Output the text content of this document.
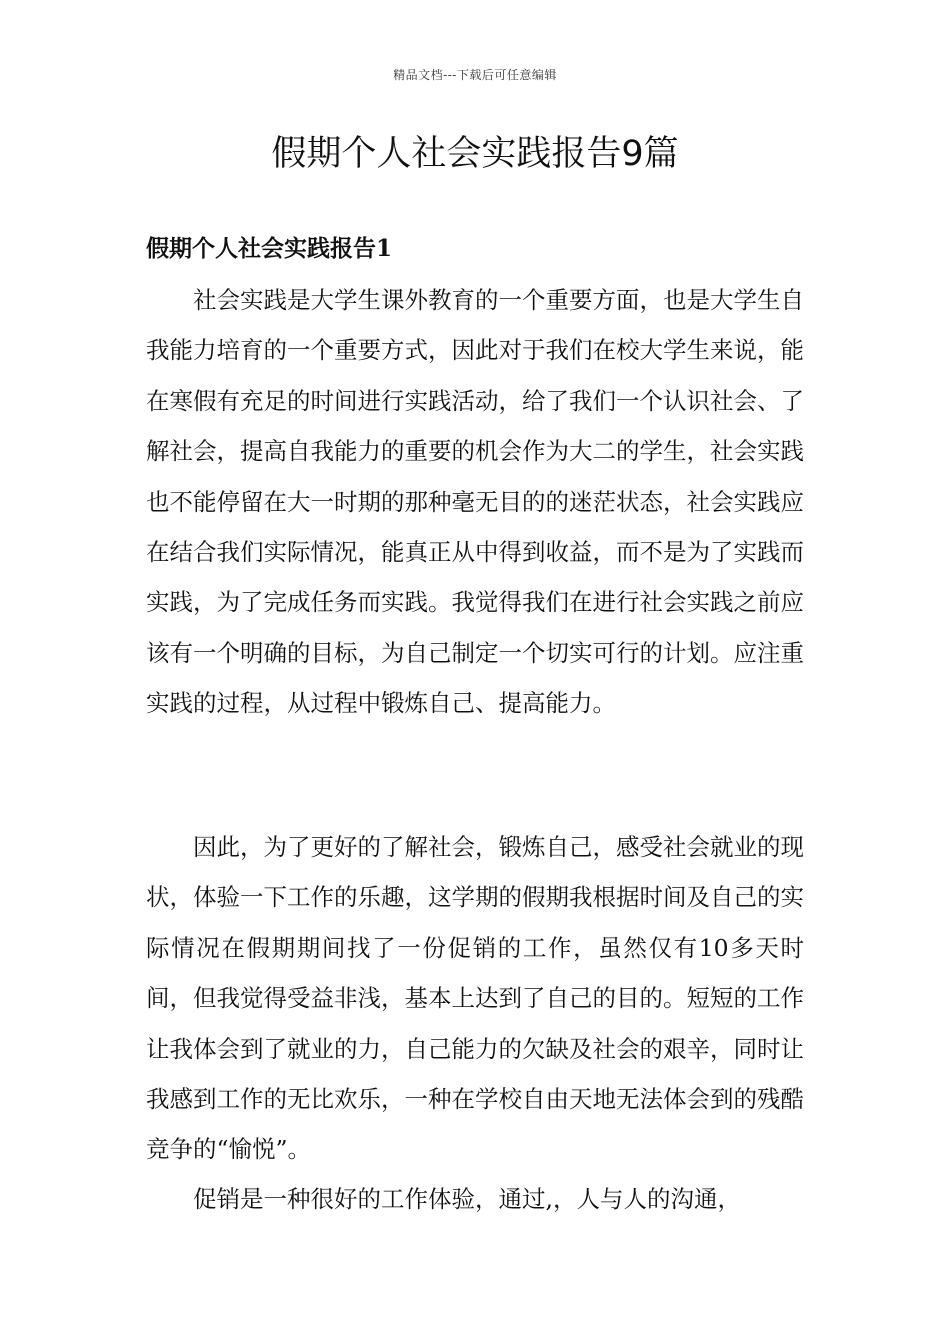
精品文档---下载后可任意编辑
假期个人社会实践报告9篇
假期个人社会实践报告1

社会实践是大学生课外教育的一个重要方面，也是大学生自我能力培育的一个重要方式，因此对于我们在校大学生来说，能在寒假有充足的时间进行实践活动，给了我们一个认识社会、了解社会，提高自我能力的重要的机会作为大二的学生，社会实践也不能停留在大一时期的那种毫无目的的迷茫状态，社会实践应在结合我们实际情况，能真正从中得到收益，而不是为了实践而实践，为了完成任务而实践。我觉得我们在进行社会实践之前应该有一个明确的目标，为自己制定一个切实可行的计划。应注重实践的过程，从过程中锻炼自己、提高能力。

因此，为了更好的了解社会，锻炼自己，感受社会就业的现状，体验一下工作的乐趣，这学期的假期我根据时间及自己的实际情况在假期期间找了一份促销的工作，虽然仅有10多天时间，但我觉得受益非浅，基本上达到了自己的目的。短短的工作让我体会到了就业的力，自己能力的欠缺及社会的艰辛，同时让我感到工作的无比欢乐，一种在学校自由天地无法体会到的残酷竞争的“愉悦”。

促销是一种很好的工作体验，通过,，人与人的沟通，
